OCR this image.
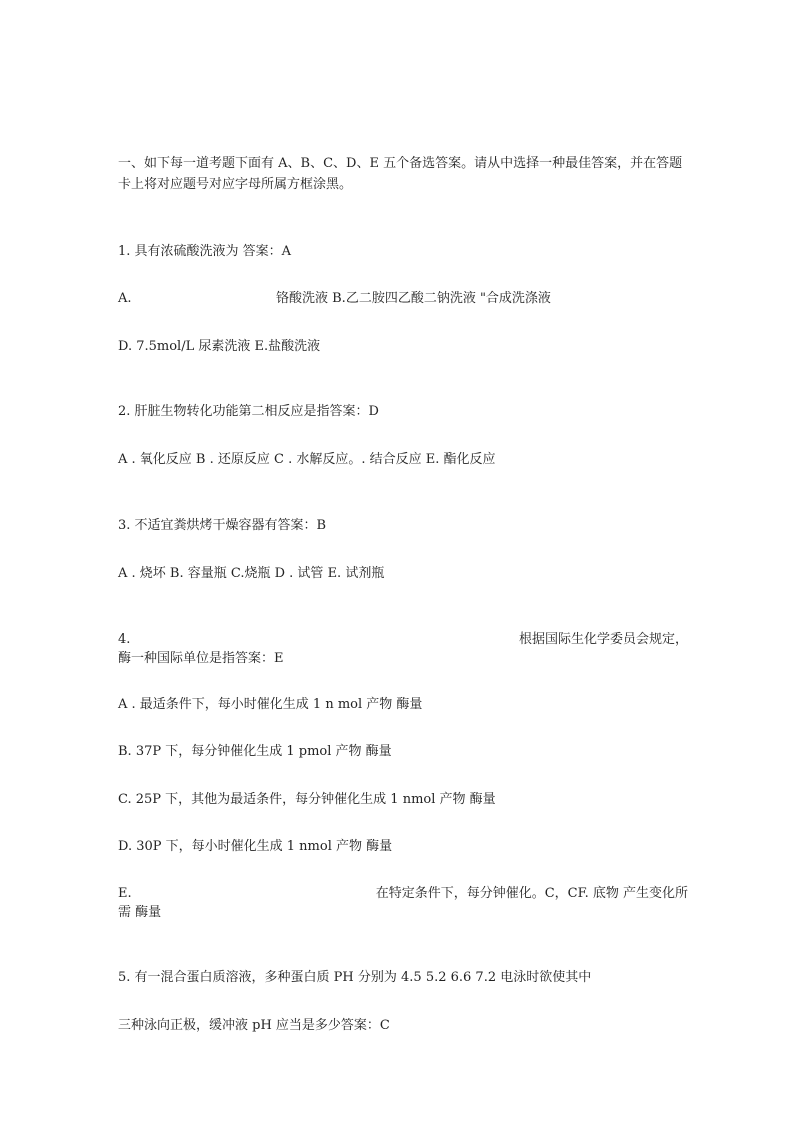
一、如下每一道考题下面有 A、B、C、D、E 五个备选答案。请从中选择一种最佳答案，并在答题
卡上将对应题号对应字母所属方框涂黑。
1. 具有浓硫酸洗液为 答案：A
A.	铬酸洗液 B.乙二胺四乙酸二钠洗液 "合成洗涤液
D. 7.5mol/L 尿素洗液 E.盐酸洗液
2. 肝脏生物转化功能第二相反应是指答案：D
A . 氧化反应 B . 还原反应 C . 水解反应。. 结合反应 E. 酯化反应
3. 不适宜粪烘烤干燥容器有答案：B
A . 烧坏 B. 容量瓶 C.烧瓶 D . 试管 E. 试剂瓶
4.	根据国际生化学委员会规定，
酶一种国际单位是指答案：E
A . 最适条件下，每小时催化生成 1 n mol 产物 酶量
B. 37P 下，每分钟催化生成 1 pmol 产物 酶量
C. 25P 下，其他为最适条件，每分钟催化生成 1 nmol 产物 酶量
D. 30P 下，每小时催化生成 1 nmol 产物 酶量
E.	在特定条件下，每分钟催化。C，CF. 底物 产生变化所
需 酶量
5. 有一混合蛋白质溶液，多种蛋白质 PH 分别为 4.5 5.2 6.6 7.2 电泳时欲使其中
三种泳向正极，缓冲液 pH 应当是多少答案：C
